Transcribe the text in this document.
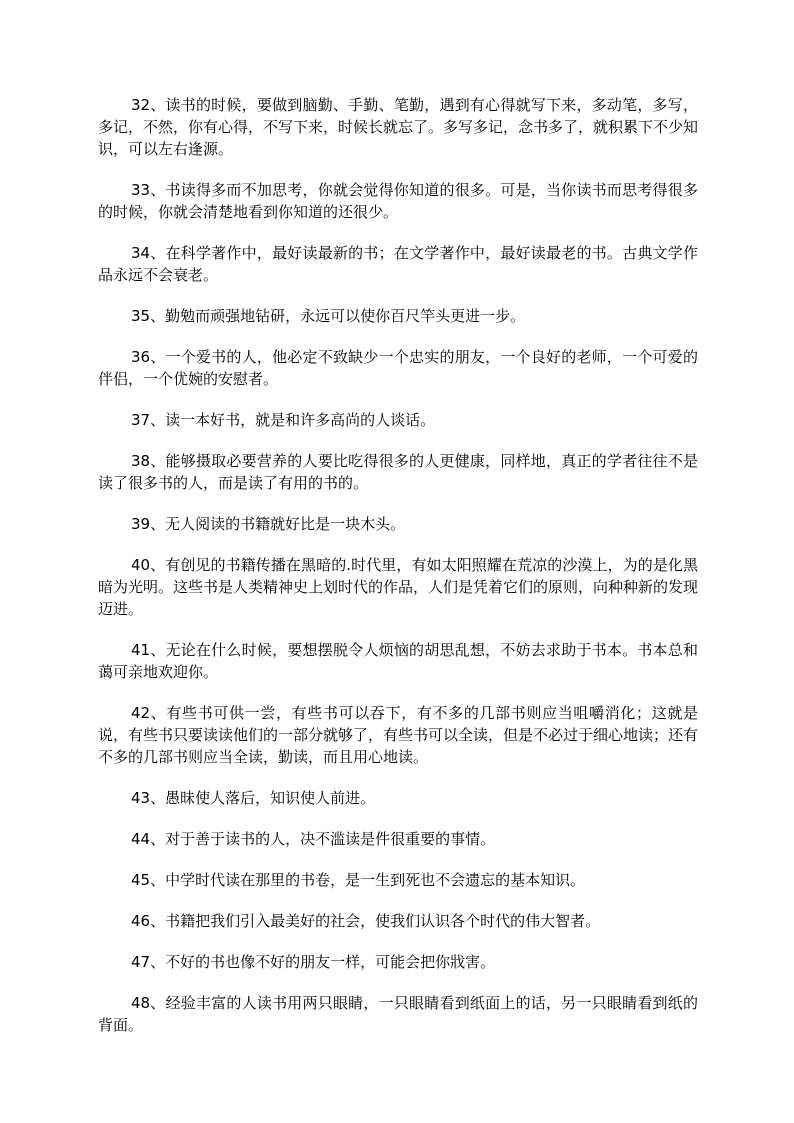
32、读书的时候，要做到脑勤、手勤、笔勤，遇到有心得就写下来，多动笔，多写，多记，不然，你有心得，不写下来，时候长就忘了。多写多记，念书多了，就积累下不少知识，可以左右逢源。

33、书读得多而不加思考，你就会觉得你知道的很多。可是，当你读书而思考得很多的时候，你就会清楚地看到你知道的还很少。

34、在科学著作中，最好读最新的书；在文学著作中，最好读最老的书。古典文学作品永远不会衰老。

35、勤勉而顽强地钻研，永远可以使你百尺竿头更进一步。

36、一个爱书的人，他必定不致缺少一个忠实的朋友，一个良好的老师，一个可爱的伴侣，一个优婉的安慰者。

37、读一本好书，就是和许多高尚的人谈话。

38、能够摄取必要营养的人要比吃得很多的人更健康，同样地，真正的学者往往不是读了很多书的人，而是读了有用的书的。

39、无人阅读的书籍就好比是一块木头。

40、有创见的书籍传播在黑暗的.时代里，有如太阳照耀在荒凉的沙漠上，为的是化黑暗为光明。这些书是人类精神史上划时代的作品，人们是凭着它们的原则，向种种新的发现迈进。

41、无论在什么时候，要想摆脱令人烦恼的胡思乱想，不妨去求助于书本。书本总和蔼可亲地欢迎你。

42、有些书可供一尝，有些书可以吞下，有不多的几部书则应当咀嚼消化；这就是说，有些书只要读读他们的一部分就够了，有些书可以全读，但是不必过于细心地读；还有不多的几部书则应当全读，勤读，而且用心地读。

43、愚昧使人落后，知识使人前进。

44、对于善于读书的人，决不滥读是件很重要的事情。

45、中学时代读在那里的书卷，是一生到死也不会遗忘的基本知识。

46、书籍把我们引入最美好的社会，使我们认识各个时代的伟大智者。

47、不好的书也像不好的朋友一样，可能会把你戕害。

48、经验丰富的人读书用两只眼睛，一只眼睛看到纸面上的话，另一只眼睛看到纸的背面。
